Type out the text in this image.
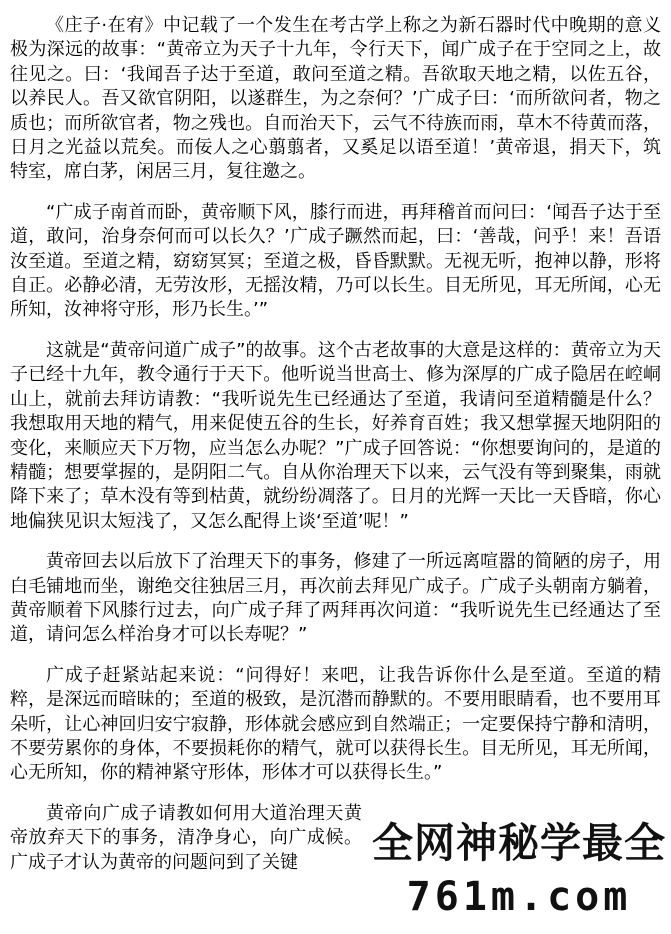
《庄子·在宥》中记载了一个发生在考古学上称之为新石器时代中晚期的意义极为深远的故事：“黄帝立为天子十九年，令行天下，闻广成子在于空同之上，故往见之。曰：‘我闻吾子达于至道，敢问至道之精。吾欲取天地之精，以佐五谷，以养民人。吾又欲官阴阳，以遂群生，为之奈何？’广成子曰：‘而所欲问者，物之质也；而所欲官者，物之残也。自而治天下，云气不待族而雨，草木不待黄而落，日月之光益以荒矣。而佞人之心翦翦者，又奚足以语至道！’黄帝退，捐天下，筑特室，席白茅，闲居三月，复往邀之。

“广成子南首而卧，黄帝顺下风，膝行而进，再拜稽首而问曰：‘闻吾子达于至道，敢问，治身奈何而可以长久？’广成子蹶然而起，曰：‘善哉，问乎！来！吾语汝至道。至道之精，窈窈冥冥；至道之极，昏昏默默。无视无听，抱神以静，形将自正。必静必清，无劳汝形，无摇汝精，乃可以长生。目无所见，耳无所闻，心无所知，汝神将守形，形乃长生。’”

这就是“黄帝问道广成子”的故事。这个古老故事的大意是这样的：黄帝立为天子已经十九年，教令通行于天下。他听说当世高士、修为深厚的广成子隐居在崆峒山上，就前去拜访请教：“我听说先生已经通达了至道，我请问至道精髓是什么？我想取用天地的精气，用来促使五谷的生长，好养育百姓；我又想掌握天地阴阳的变化，来顺应天下万物，应当怎么办呢？”广成子回答说：“你想要询问的，是道的精髓；想要掌握的，是阴阳二气。自从你治理天下以来，云气没有等到聚集，雨就降下来了；草木没有等到枯黄，就纷纷凋落了。日月的光辉一天比一天昏暗，你心地偏狭见识太短浅了，又怎么配得上谈‘至道’呢！”

黄帝回去以后放下了治理天下的事务，修建了一所远离喧嚣的简陋的房子，用白毛铺地而坐，谢绝交往独居三月，再次前去拜见广成子。广成子头朝南方躺着，黄帝顺着下风膝行过去，向广成子拜了两拜再次问道：“我听说先生已经通达了至道，请问怎么样治身才可以长寿呢？”

广成子赶紧站起来说：“问得好！来吧，让我告诉你什么是至道。至道的精粹，是深远而暗昧的；至道的极致，是沉潜而静默的。不要用眼睛看，也不要用耳朵听，让心神回归安宁寂静，形体就会感应到自然端正；一定要保持宁静和清明，不要劳累你的身体，不要损耗你的精气，就可以获得长生。目无所见，耳无所闻，心无所知，你的精神紧守形体，形体才可以获得长生。”

黄帝向广成子请教如何用大道治理天黄帝放弃天下的事务，清净身心，向广成候。广成子才认为黄帝的问题问到了关键	全网神秘学最全
761m.com
